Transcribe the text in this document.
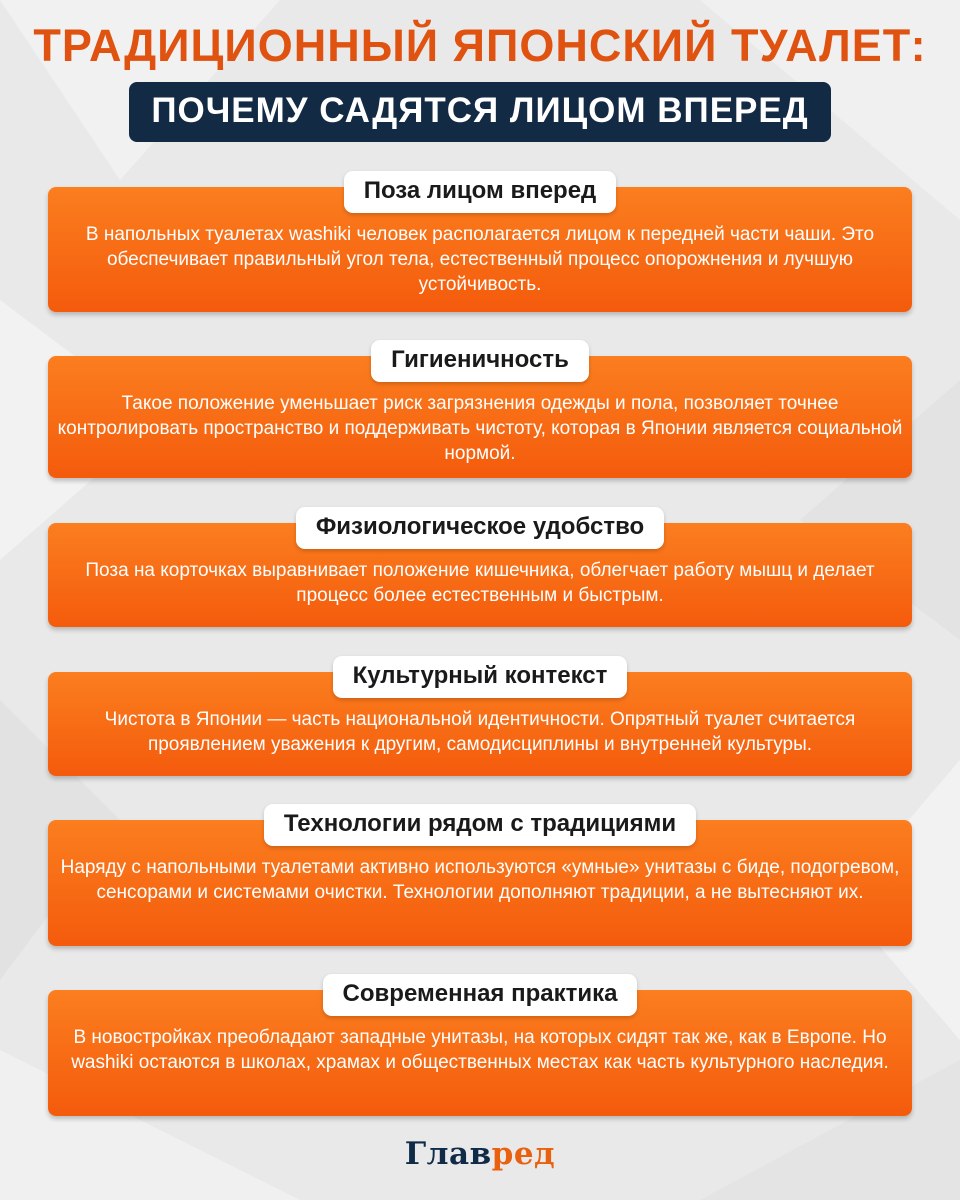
ТРАДИЦИОННЫЙ ЯПОНСКИЙ ТУАЛЕТ:
ПОЧЕМУ САДЯТСЯ ЛИЦОМ ВПЕРЕД
Поза лицом вперед

В напольных туалетах washiki человек располагается лицом к передней части чаши. Это обеспечивает правильный угол тела, естественный процесс опорожнения и лучшую устойчивость.

Гигиеничность

Такое положение уменьшает риск загрязнения одежды и пола, позволяет точнее контролировать пространство и поддерживать чистоту, которая в Японии является социальной нормой.

Физиологическое удобство

Поза на корточках выравнивает положение кишечника, облегчает работу мышц и делает процесс более естественным и быстрым.

Культурный контекст

Чистота в Японии — часть национальной идентичности. Опрятный туалет считается проявлением уважения к другим, самодисциплины и внутренней культуры.

Технологии рядом с традициями

Наряду с напольными туалетами активно используются «умные» унитазы с биде, подогревом, сенсорами и системами очистки. Технологии дополняют традиции, а не вытесняют их.

Современная практика

В новостройках преобладают западные унитазы, на которых сидят так же, как в Европе. Но washiki остаются в школах, храмах и общественных местах как часть культурного наследия.

Главред
